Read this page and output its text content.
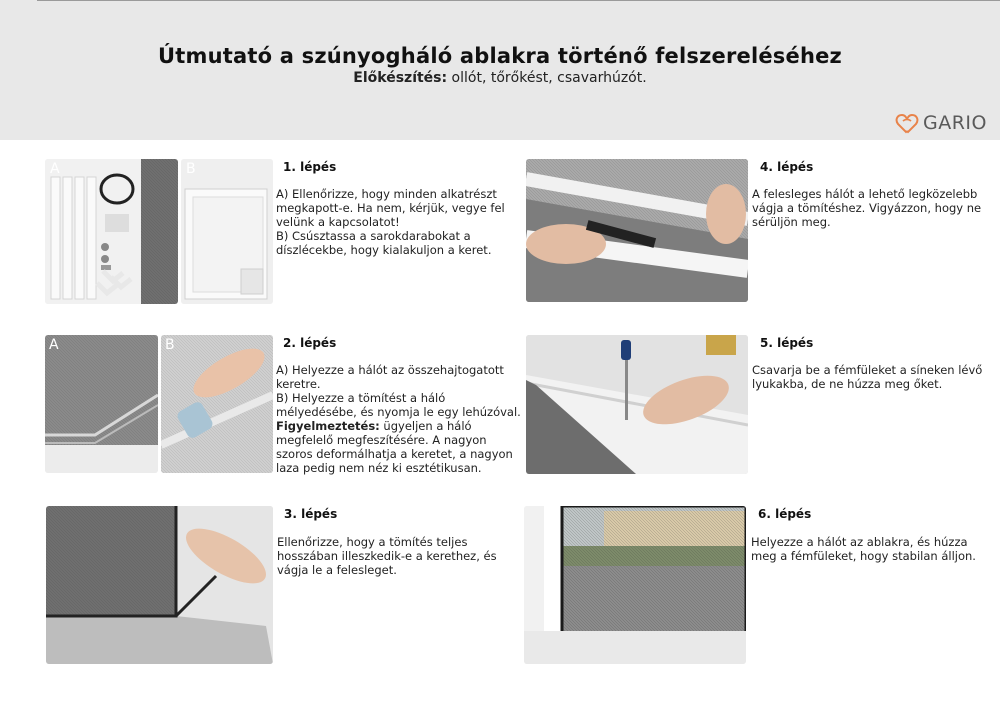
Útmutató a szúnyogháló ablakra történő felszereléséhez
Előkészítés: ollót, tőrőkést, csavarhúzót.
GARIO
A	B	1. lépés
A) Ellenőrizze, hogy minden alkatrészt megkapott-e. Ha nem, kérjük, vegye fel velünk a kapcsolatot!
B) Csúsztassa a sarokdarabokat a díszlécekbe, hogy kialakuljon a keret.
A	B	2. lépés
A) Helyezze a hálót az összehajtogatott keretre.
B) Helyezze a tömítést a háló mélyedésébe, és nyomja le egy lehúzóval.
Figyelmeztetés: ügyeljen a háló megfelelő megfeszítésére. A nagyon szoros deformálhatja a keretet, a nagyon laza pedig nem néz ki esztétikusan.
3. lépés
Ellenőrizze, hogy a tömítés teljes hosszában illeszkedik-e a kerethez, és vágja le a felesleget.
4. lépés
A felesleges hálót a lehető legközelebb vágja a tömítéshez. Vigyázzon, hogy ne sérüljön meg.
5. lépés
Csavarja be a fémfüleket a síneken lévő lyukakba, de ne húzza meg őket.
6. lépés
Helyezze a hálót az ablakra, és húzza meg a fémfüleket, hogy stabilan álljon.
